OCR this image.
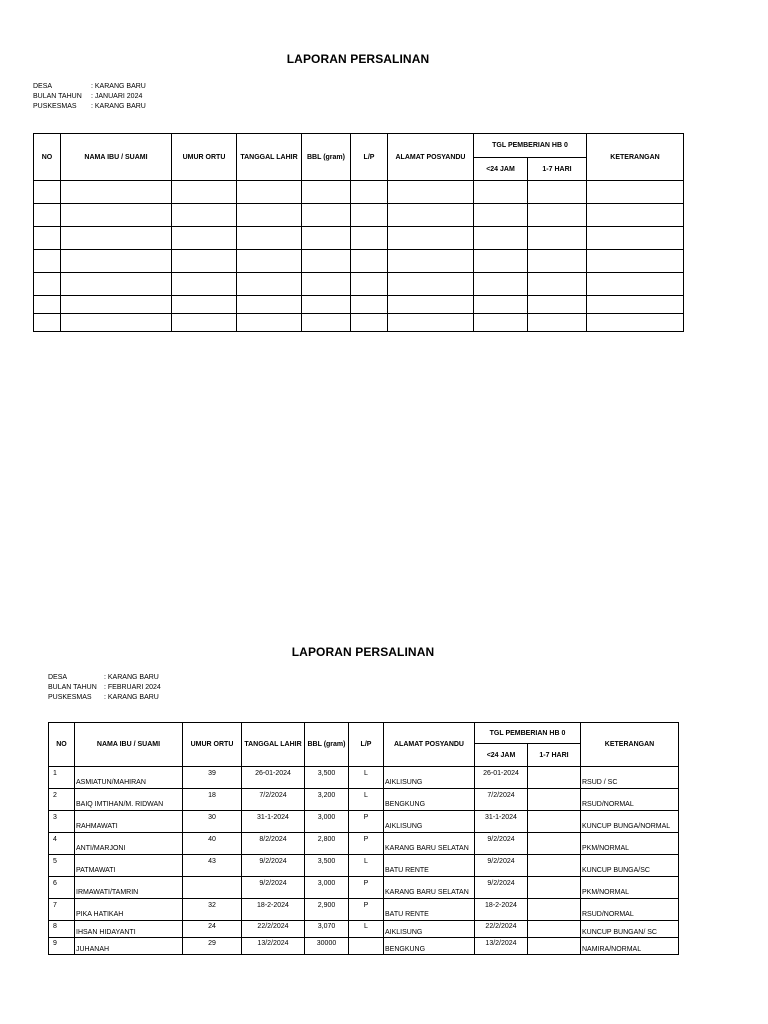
LAPORAN PERSALINAN
DESA	: KARANG BARU
BULAN TAHUN	: JANUARI 2024
PUSKESMAS	: KARANG BARU
NO	NAMA IBU / SUAMI	UMUR ORTU	TANGGAL LAHIR	BBL (gram)	L/P	ALAMAT POSYANDU	TGL PEMBERIAN HB 0		KETERANGAN
							<24 JAM	1-7 HARI	

LAPORAN PERSALINAN
DESA	: KARANG BARU
BULAN TAHUN	: FEBRUARI 2024
PUSKESMAS	: KARANG BARU
NO	NAMA IBU / SUAMI	UMUR ORTU	TANGGAL LAHIR	BBL (gram)	L/P	ALAMAT POSYANDU	TGL PEMBERIAN HB 0		KETERANGAN
							<24 JAM	1-7 HARI	

1	ASMIATUN/MAHIRAN	39	26-01-2024	3,500	L	AIKLISUNG	26-01-2024		RSUD / SC

2	BAIQ IMTIHAN/M. RIDWAN	18	7/2/2024	3,200	L	BENGKUNG	7/2/2024		RSUD/NORMAL

3	RAHMAWATI	30	31-1-2024	3,000	P	AIKLISUNG	31-1-2024		KUNCUP BUNGA/NORMAL

4	ANTI/MARJONI	40	8/2/2024	2,800	P	KARANG BARU SELATAN	9/2/2024		PKM/NORMAL

5	PATMAWATI	43	9/2/2024	3,500	L	BATU RENTE	9/2/2024		KUNCUP BUNGA/SC

6	IRMAWATI/TAMRIN		9/2/2024	3,000	P	KARANG BARU SELATAN	9/2/2024		PKM/NORMAL

7	PIKA HATIKAH	32	18-2-2024	2,900	P	BATU RENTE	18-2-2024		RSUD/NORMAL

8	IHSAN HIDAYANTI	24	22/2/2024	3,070	L	AIKLISUNG	22/2/2024		KUNCUP BUNGAN/ SC

9	JUHANAH	29	13/2/2024	30000		BENGKUNG	13/2/2024		NAMIRA/NORMAL
